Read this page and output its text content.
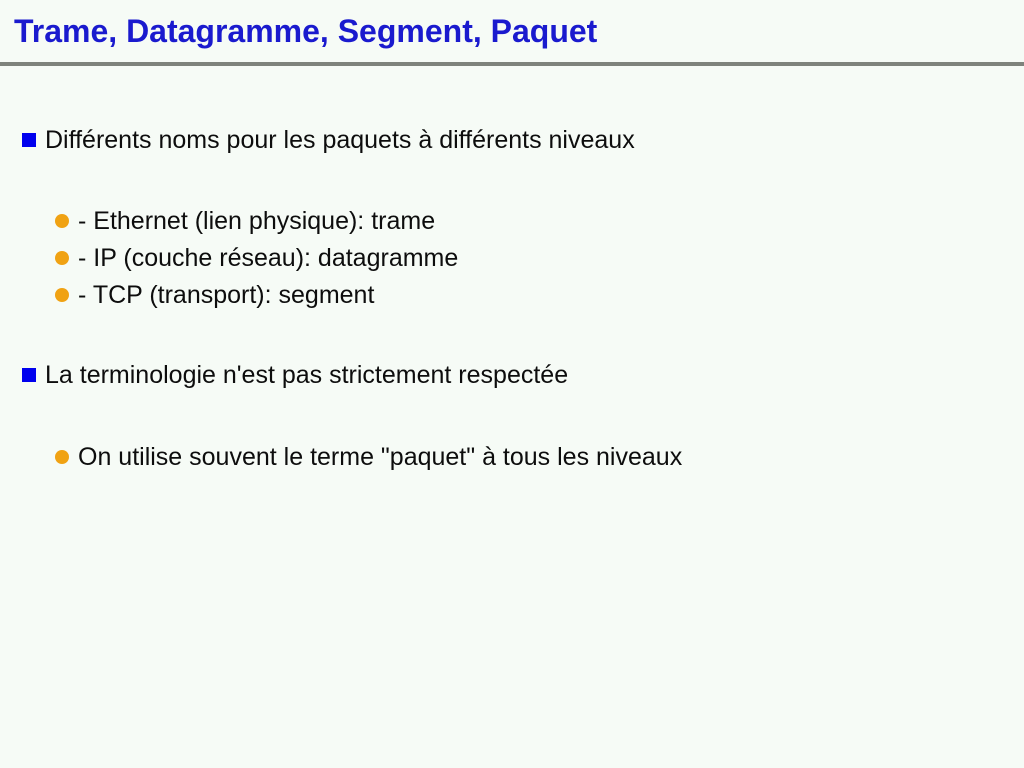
Trame, Datagramme, Segment, Paquet
Différents noms pour les paquets à différents niveaux
- Ethernet (lien physique): trame
- IP (couche réseau): datagramme
- TCP (transport): segment
La terminologie n'est pas strictement respectée
On utilise souvent le terme "paquet" à tous les niveaux
